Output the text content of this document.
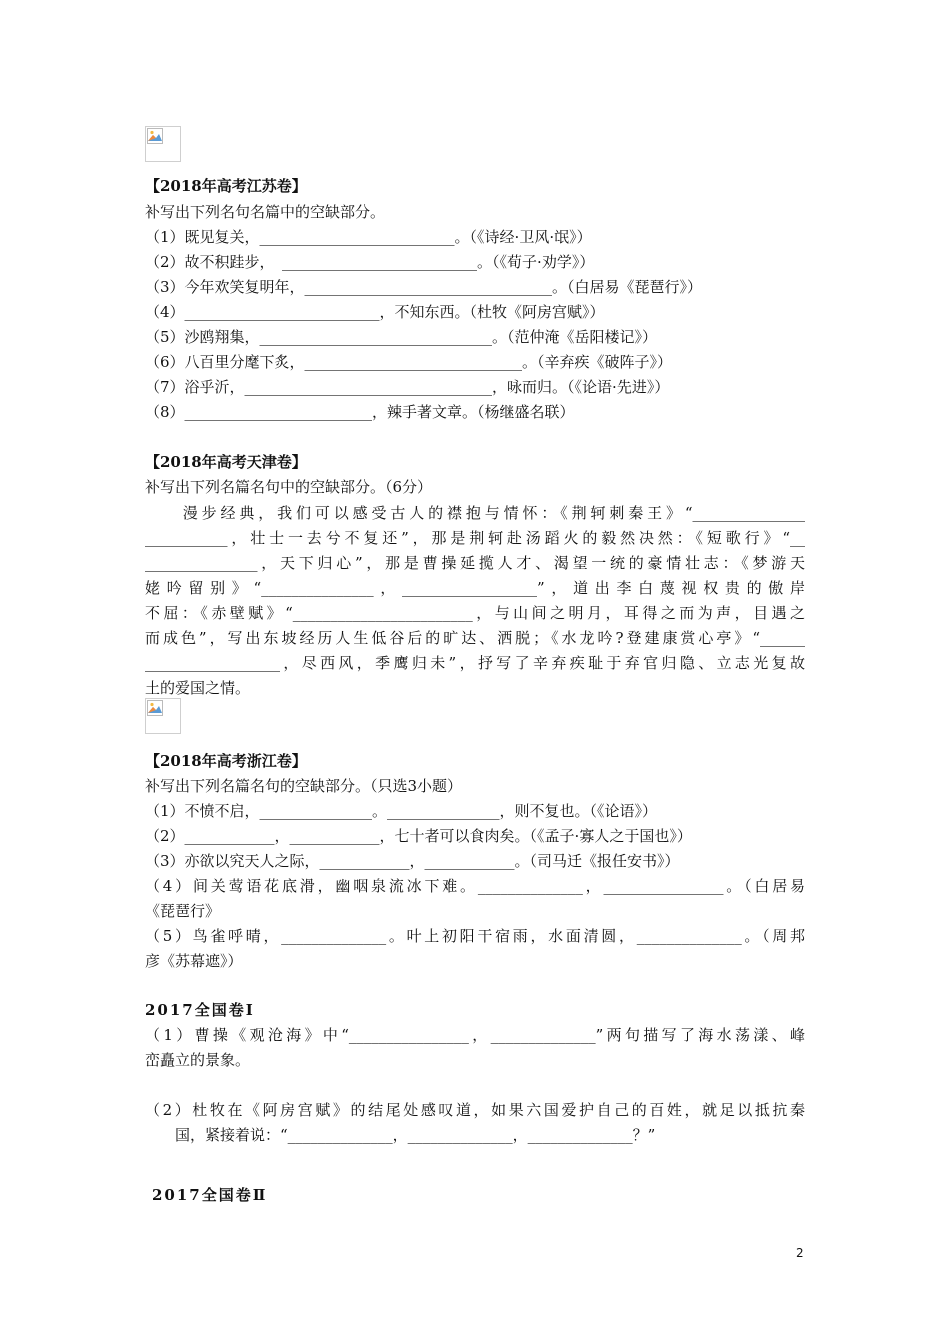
【2018年高考江苏卷】
补写出下列名句名篇中的空缺部分。
（1）既见复关，__________________________。（《诗经·卫风·氓》）
（2）故不积跬步，　__________________________。（《荀子·劝学》）
（3）今年欢笑复明年，_________________________________。（白居易《琵琶行》）
（4）__________________________，不知东西。（杜牧《阿房宫赋》）
（5）沙鸥翔集，_______________________________。（范仲淹《岳阳楼记》）
（6）八百里分麾下炙，_____________________________。（辛弃疾《破阵子》）
（7）浴乎沂，_________________________________，咏而归。（《论语·先进》）
（8）_________________________，辣手著文章。（杨继盛名联）
【2018年高考天津卷】
补写出下列名篇名句中的空缺部分。（6分）
　　漫步经典，我们可以感受古人的襟抱与情怀：《荆轲刺秦王》“_______________
___________，壮士一去兮不复还”，那是荆轲赴汤蹈火的毅然决然：《短歌行》“__
_______________，天下归心”，那是曹操延揽人才、渴望一统的豪情壮志：《梦游天
姥吟留别》“_______________，__________________”，道出李白蔑视权贵的傲岸
不屈：《赤壁赋》“________________________，与山间之明月，耳得之而为声，目遇之
而成色”，写出东坡经历人生低谷后的旷达、洒脱；《水龙吟?登建康赏心亭》“______
__________________，尽西风，季鹰归未”，抒写了辛弃疾耻于弃官归隐、立志光复故
土的爱国之情。
【2018年高考浙江卷】
补写出下列名篇名句的空缺部分。（只选3小题）
（1）不愤不启，_______________。_______________，则不复也。（《论语》）
（2）____________，____________，七十者可以食肉矣。（《孟子·寡人之于国也》）
（3）亦欲以究天人之际，____________，____________。（司马迁《报任安书》）
（4）间关莺语花底滑，幽咽泉流冰下难。______________，________________。（白居易
《琵琶行》
（5）鸟雀呼晴，______________。叶上初阳干宿雨，水面清圆，______________。（周邦
彦《苏幕遮》）
2017全国卷Ⅰ
（1）曹操《观沧海》中“________________，______________”两句描写了海水荡漾、峰
峦矗立的景象。
（2）杜牧在《阿房宫赋》的结尾处感叹道，如果六国爱护自己的百姓，就足以抵抗秦
　　国，紧接着说：“______________，______________，______________？”
2017全国卷Ⅱ
2
